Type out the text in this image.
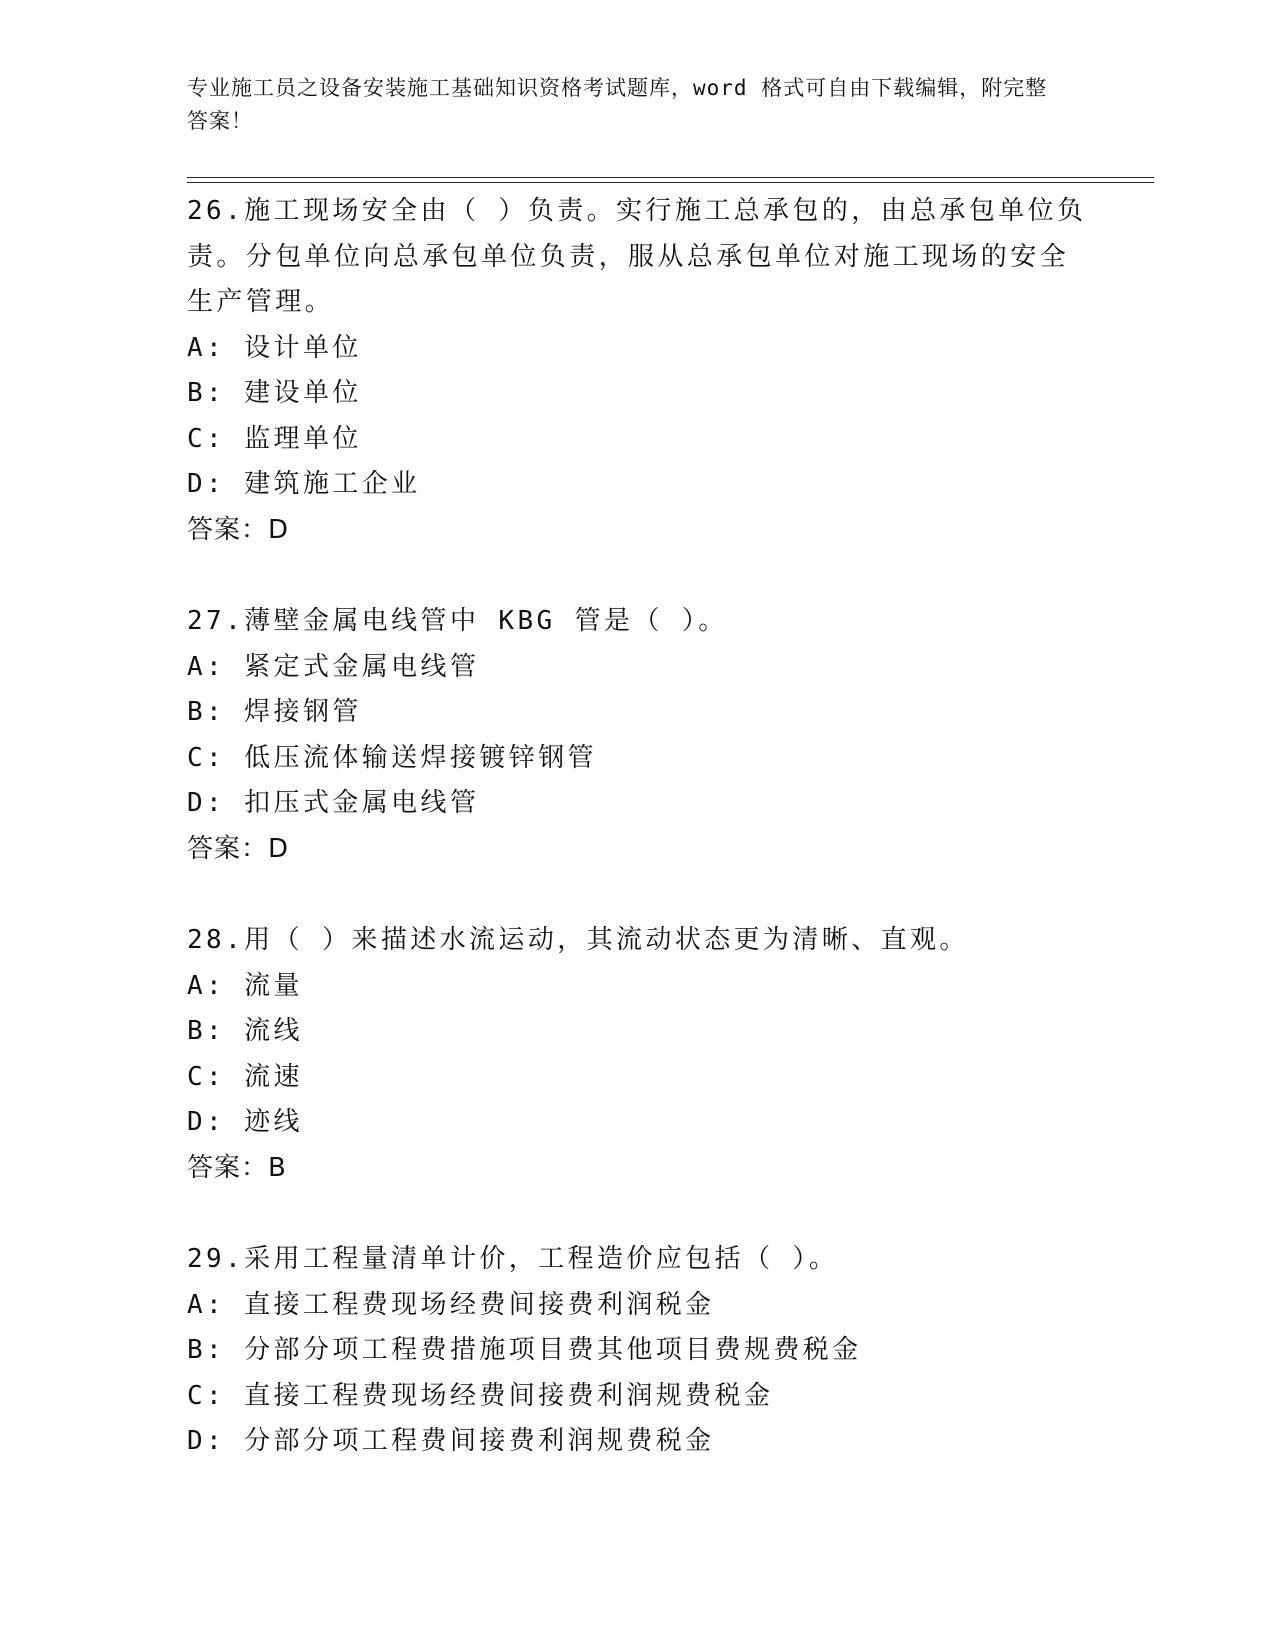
专业施工员之设备安装施工基础知识资格考试题库，word 格式可自由下载编辑，附完整答案！

26.施工现场安全由（ ）负责。实行施工总承包的，由总承包单位负责。分包单位向总承包单位负责，服从总承包单位对施工现场的安全生产管理。

A: 设计单位

B: 建设单位

C: 监理单位

D: 建筑施工企业

答案：D

27.薄壁金属电线管中 KBG 管是（ ）。

A: 紧定式金属电线管

B: 焊接钢管

C: 低压流体输送焊接镀锌钢管

D: 扣压式金属电线管

答案：D

28.用（ ）来描述水流运动，其流动状态更为清晰、直观。

A: 流量

B: 流线

C: 流速

D: 迹线

答案：B

29.采用工程量清单计价，工程造价应包括（ ）。

A: 直接工程费现场经费间接费利润税金

B: 分部分项工程费措施项目费其他项目费规费税金

C: 直接工程费现场经费间接费利润规费税金

D: 分部分项工程费间接费利润规费税金
